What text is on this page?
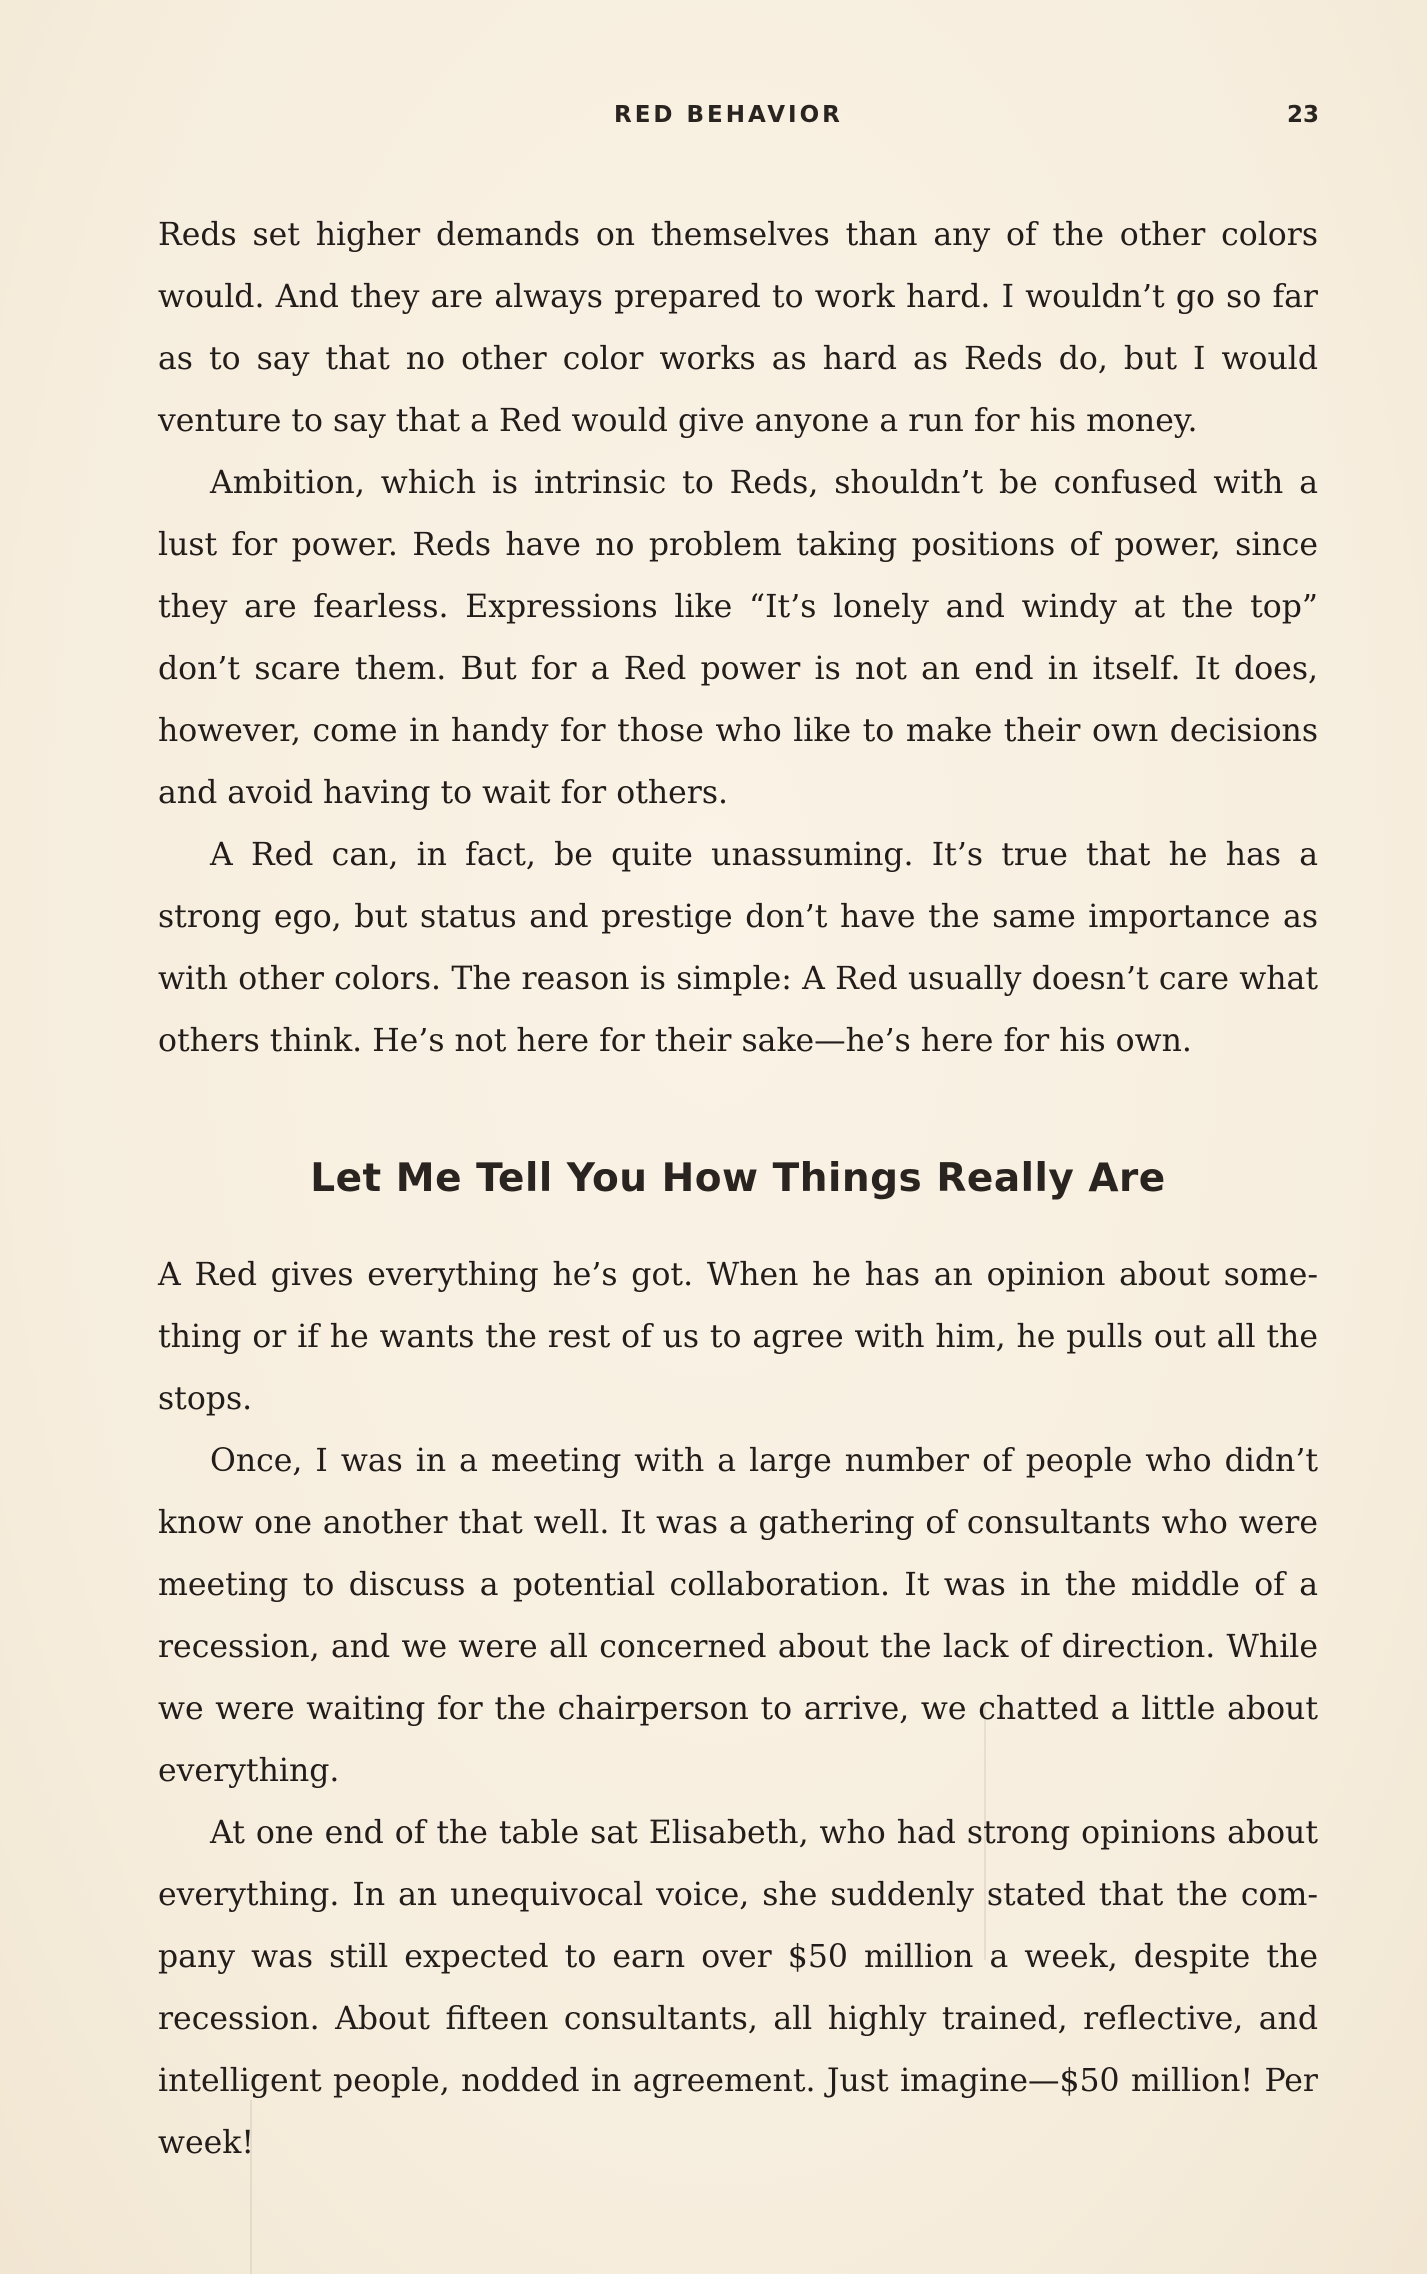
RED BEHAVIOR	23

Reds set higher demands on themselves than any of the other colors would. And they are always prepared to work hard. I wouldn’t go so far as to say that no other color works as hard as Reds do, but I would venture to say that a Red would give anyone a run for his money.

Ambition, which is intrinsic to Reds, shouldn’t be confused with a lust for power. Reds have no problem taking positions of power, since they are fearless. Expressions like “It’s lonely and windy at the top” don’t scare them. But for a Red power is not an end in itself. It does, however, come in handy for those who like to make their own decisions and avoid having to wait for others.

A Red can, in fact, be quite unassuming. It’s true that he has a strong ego, but status and prestige don’t have the same importance as with other colors. The reason is simple: A Red usually doesn’t care what others think. He’s not here for their sake—he’s here for his own.

Let Me Tell You How Things Really Are

A Red gives everything he’s got. When he has an opinion about something or if he wants the rest of us to agree with him, he pulls out all the stops.

Once, I was in a meeting with a large number of people who didn’t know one another that well. It was a gathering of consultants who were meeting to discuss a potential collaboration. It was in the middle of a recession, and we were all concerned about the lack of direction. While we were waiting for the chairperson to arrive, we chatted a little about everything.

At one end of the table sat Elisabeth, who had strong opinions about everything. In an unequivocal voice, she suddenly stated that the company was still expected to earn over $50 million a week, despite the recession. About fifteen consultants, all highly trained, reflective, and intelligent people, nodded in agreement. Just imagine—$50 million! Per week!
